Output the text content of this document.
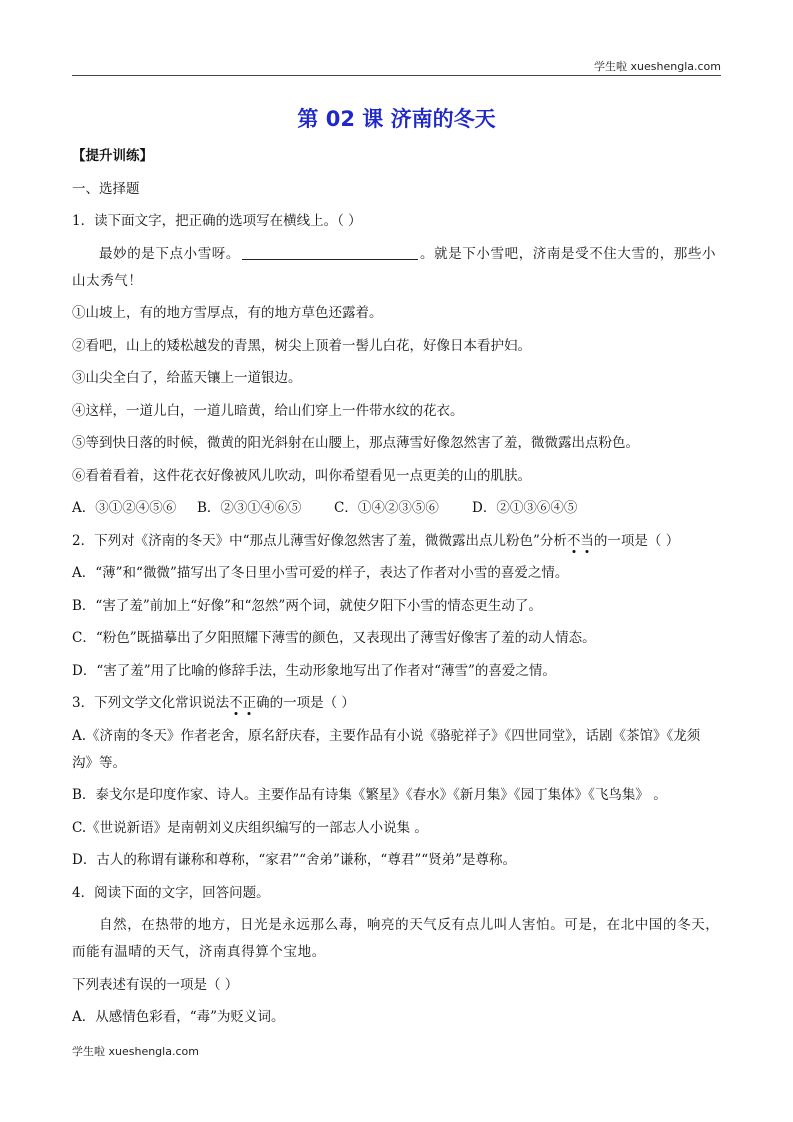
学生啦 xueshengla.com
第 02 课 济南的冬天
【提升训练】
一、选择题
1．读下面文字，把正确的选项写在横线上。（ ）
最妙的是下点小雪呀。	。就是下小雪吧，济南是受不住大雪的，那些小
山太秀气！
①山坡上，有的地方雪厚点，有的地方草色还露着。
②看吧，山上的矮松越发的青黑，树尖上顶着一髻儿白花，好像日本看护妇。
③山尖全白了，给蓝天镶上一道银边。
④这样，一道儿白，一道儿暗黄，给山们穿上一件带水纹的花衣。
⑤等到快日落的时候，微黄的阳光斜射在山腰上，那点薄雪好像忽然害了羞，微微露出点粉色。
⑥看着看着，这件花衣好像被风儿吹动，叫你希望看见一点更美的山的肌肤。
A．③①②④⑤⑥ B．②③①④⑥⑤ C．①④②③⑤⑥ D．②①③⑥④⑤
2．下列对《济南的冬天》中“那点儿薄雪好像忽然害了羞，微微露出点儿粉色”分析不当的一项是（ ）
A．“薄”和“微微”描写出了冬日里小雪可爱的样子，表达了作者对小雪的喜爱之情。
B．“害了羞”前加上“好像”和“忽然”两个词，就使夕阳下小雪的情态更生动了。
C．“粉色”既描摹出了夕阳照耀下薄雪的颜色，又表现出了薄雪好像害了羞的动人情态。
D．“害了羞”用了比喻的修辞手法，生动形象地写出了作者对“薄雪”的喜爱之情。
3．下列文学文化常识说法不正确的一项是（ ）
A.《济南的冬天》作者老舍，原名舒庆春，主要作品有小说《骆驼祥子》《四世同堂》，话剧《茶馆》《龙须
沟》等。
B．泰戈尔是印度作家、诗人。主要作品有诗集《繁星》《春水》《新月集》《园丁集体》《飞鸟集》 。
C.《世说新语》是南朝刘义庆组织编写的一部志人小说集 。
D．古人的称谓有谦称和尊称，“家君”“舍弟”谦称，“尊君”“贤弟”是尊称。
4．阅读下面的文字，回答问题。
自然，在热带的地方，日光是永远那么毒，响亮的天气反有点儿叫人害怕。可是，在北中国的冬天，
而能有温晴的天气，济南真得算个宝地。
下列表述有误的一项是（ ）
A．从感情色彩看，“毒”为贬义词。
学生啦 xueshengla.com
